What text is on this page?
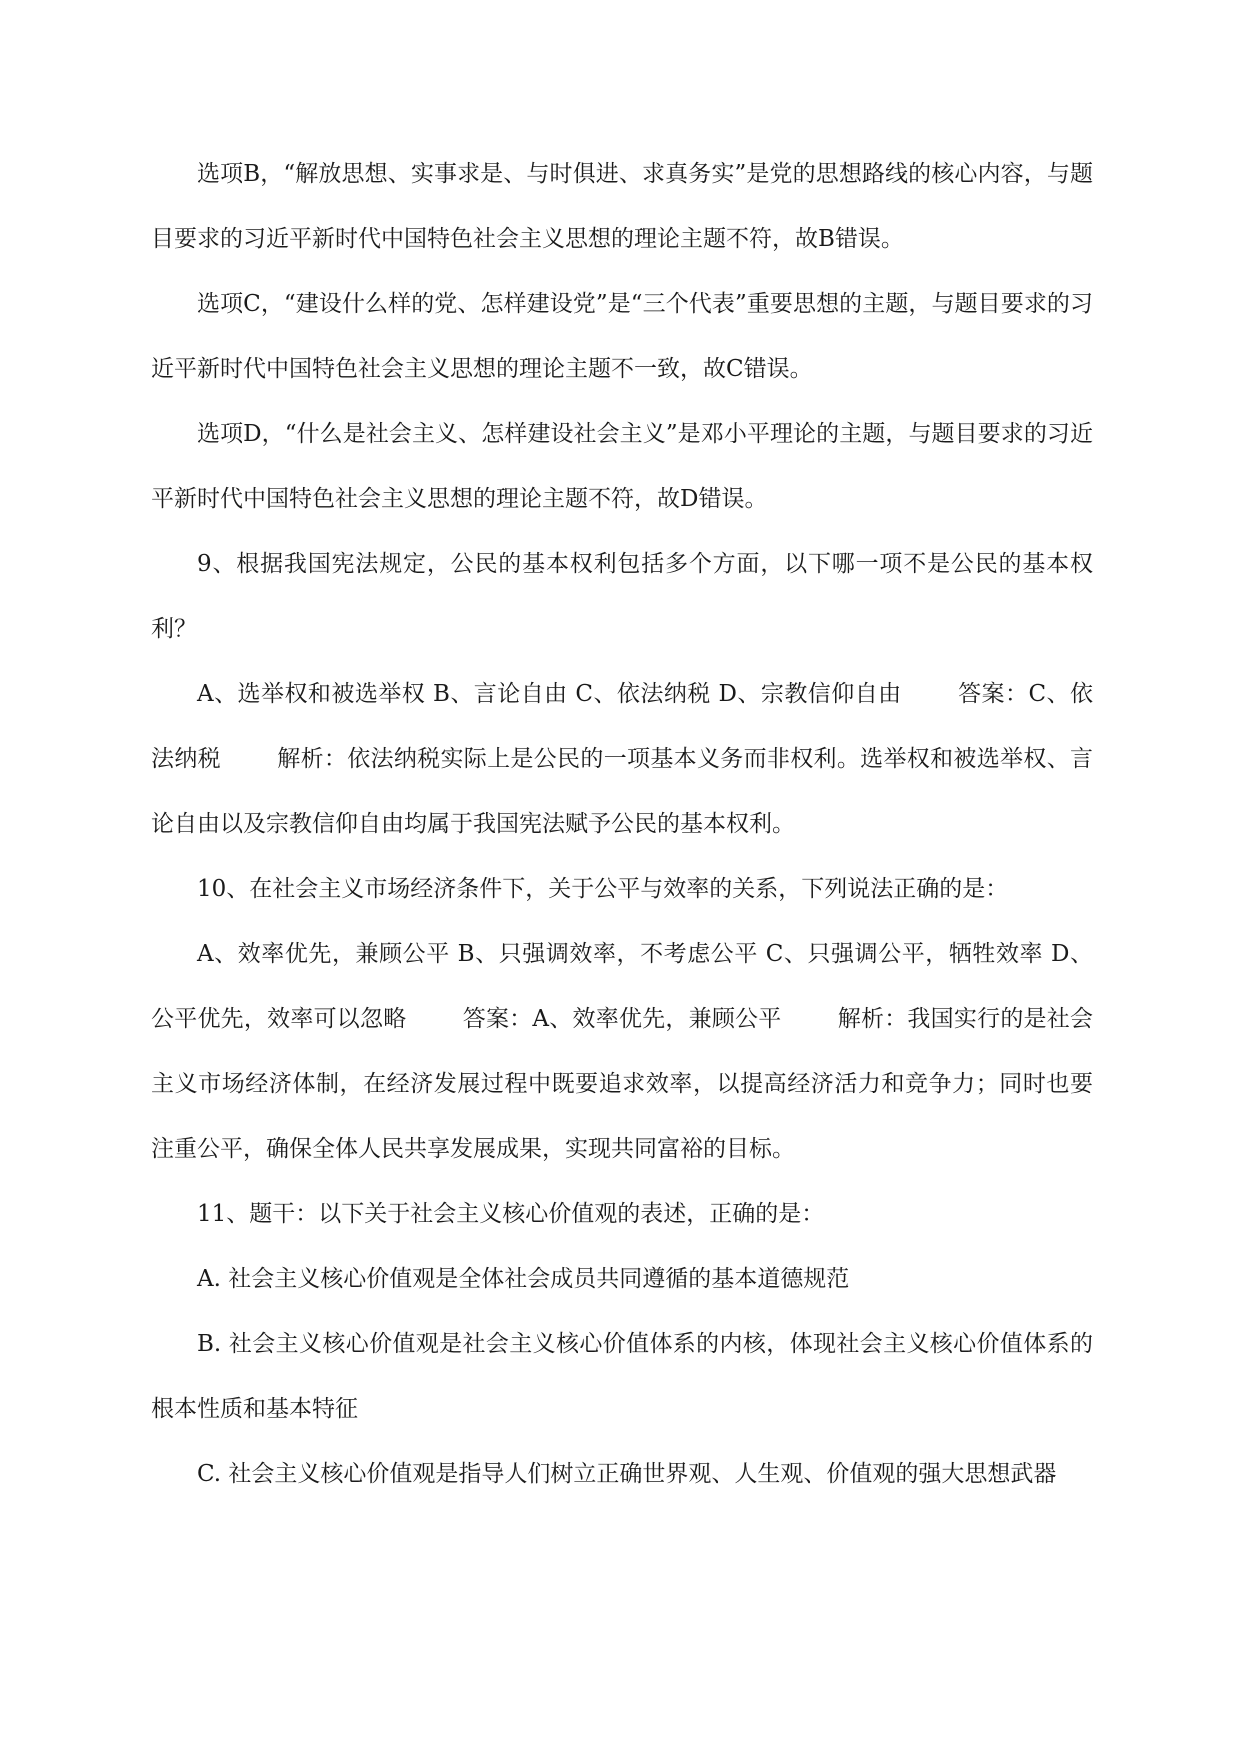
选项B，“解放思想、实事求是、与时俱进、求真务实”是党的思想路线的核心内容，与题目要求的习近平新时代中国特色社会主义思想的理论主题不符，故B错误。

选项C，“建设什么样的党、怎样建设党”是“三个代表”重要思想的主题，与题目要求的习近平新时代中国特色社会主义思想的理论主题不一致，故C错误。

选项D，“什么是社会主义、怎样建设社会主义”是邓小平理论的主题，与题目要求的习近平新时代中国特色社会主义思想的理论主题不符，故D错误。

9、根据我国宪法规定，公民的基本权利包括多个方面，以下哪一项不是公民的基本权利？

A、选举权和被选举权 B、言论自由 C、依法纳税 D、宗教信仰自由 答案：C、依法纳税 解析：依法纳税实际上是公民的一项基本义务而非权利。选举权和被选举权、言论自由以及宗教信仰自由均属于我国宪法赋予公民的基本权利。

10、在社会主义市场经济条件下，关于公平与效率的关系，下列说法正确的是：

A、效率优先，兼顾公平 B、只强调效率，不考虑公平 C、只强调公平，牺牲效率 D、公平优先，效率可以忽略 答案：A、效率优先，兼顾公平 解析：我国实行的是社会主义市场经济体制，在经济发展过程中既要追求效率，以提高经济活力和竞争力；同时也要注重公平，确保全体人民共享发展成果，实现共同富裕的目标。

11、题干：以下关于社会主义核心价值观的表述，正确的是：

A. 社会主义核心价值观是全体社会成员共同遵循的基本道德规范

B. 社会主义核心价值观是社会主义核心价值体系的内核，体现社会主义核心价值体系的根本性质和基本特征

C. 社会主义核心价值观是指导人们树立正确世界观、人生观、价值观的强大思想武器
